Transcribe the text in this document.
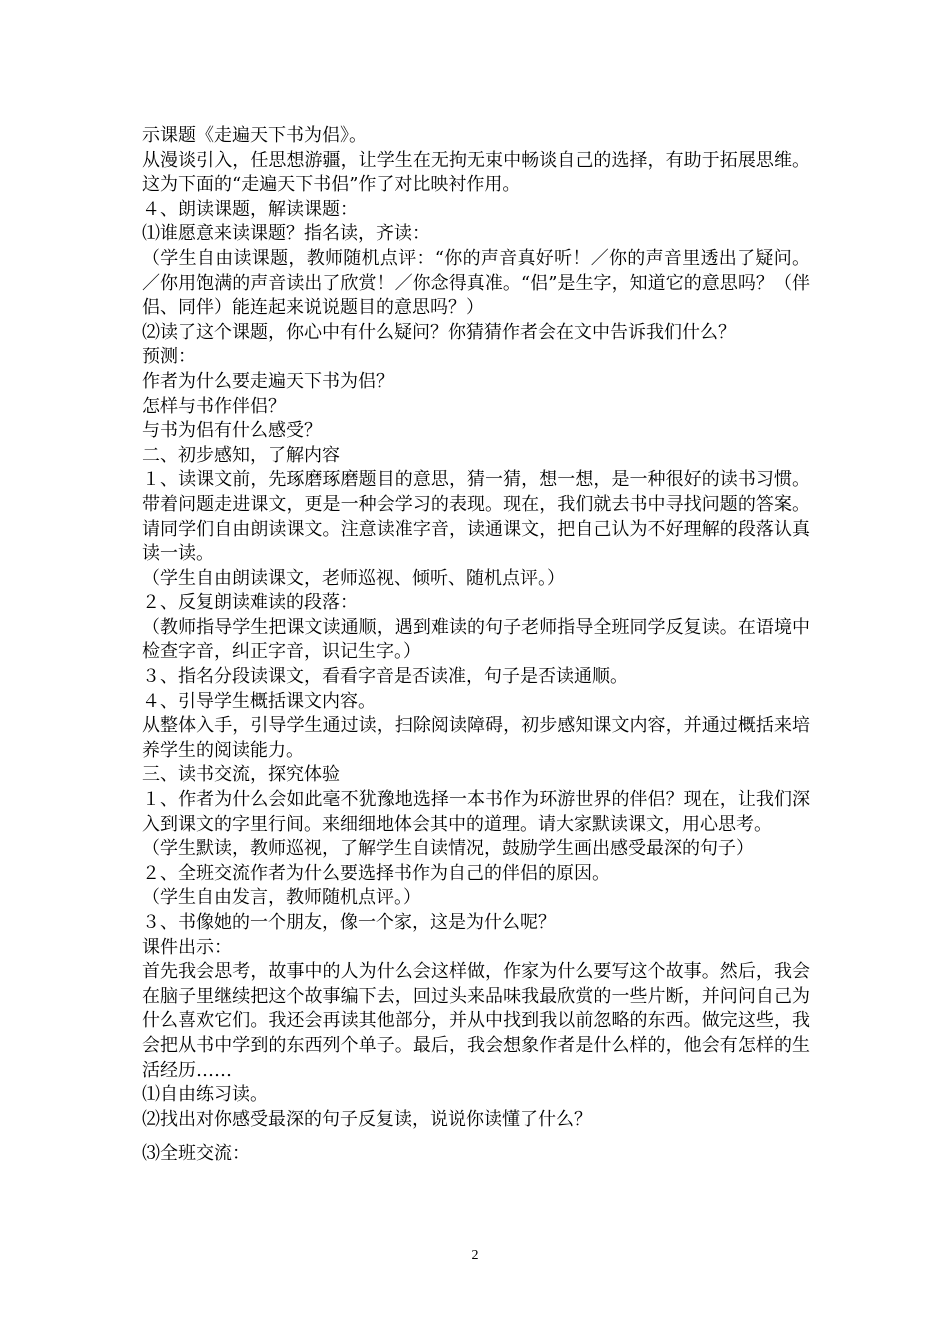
示课题《走遍天下书为侣》。

从漫谈引入，任思想游疆，让学生在无拘无束中畅谈自己的选择，有助于拓展思维。这为下面的“走遍天下书侣”作了对比映衬作用。

４、朗读课题，解读课题：

⑴谁愿意来读课题？指名读，齐读：

（学生自由读课题，教师随机点评：“你的声音真好听！／你的声音里透出了疑问。／你用饱满的声音读出了欣赏！／你念得真准。“侣”是生字，知道它的意思吗？（伴侣、同伴）能连起来说说题目的意思吗？）

⑵读了这个课题，你心中有什么疑问？你猜猜作者会在文中告诉我们什么？

预测：

作者为什么要走遍天下书为侣？

怎样与书作伴侣？

与书为侣有什么感受？

二、初步感知，了解内容

１、读课文前，先琢磨琢磨题目的意思，猜一猜，想一想，是一种很好的读书习惯。带着问题走进课文，更是一种会学习的表现。现在，我们就去书中寻找问题的答案。请同学们自由朗读课文。注意读准字音，读通课文，把自己认为不好理解的段落认真读一读。

（学生自由朗读课文，老师巡视、倾听、随机点评。）

２、反复朗读难读的段落：

（教师指导学生把课文读通顺，遇到难读的句子老师指导全班同学反复读。在语境中检查字音，纠正字音，识记生字。）

３、指名分段读课文，看看字音是否读准，句子是否读通顺。

４、引导学生概括课文内容。

从整体入手，引导学生通过读，扫除阅读障碍，初步感知课文内容，并通过概括来培养学生的阅读能力。

三、读书交流，探究体验

１、作者为什么会如此毫不犹豫地选择一本书作为环游世界的伴侣？现在，让我们深入到课文的字里行间。来细细地体会其中的道理。请大家默读课文，用心思考。

（学生默读，教师巡视，了解学生自读情况，鼓励学生画出感受最深的句子）

２、全班交流作者为什么要选择书作为自己的伴侣的原因。

（学生自由发言，教师随机点评。）

３、书像她的一个朋友，像一个家，这是为什么呢？

课件出示：

首先我会思考，故事中的人为什么会这样做，作家为什么要写这个故事。然后，我会在脑子里继续把这个故事编下去，回过头来品味我最欣赏的一些片断，并问问自己为什么喜欢它们。我还会再读其他部分，并从中找到我以前忽略的东西。做完这些，我会把从书中学到的东西列个单子。最后，我会想象作者是什么样的，他会有怎样的生活经历……

⑴自由练习读。

⑵找出对你感受最深的句子反复读，说说你读懂了什么？

⑶全班交流：

2
